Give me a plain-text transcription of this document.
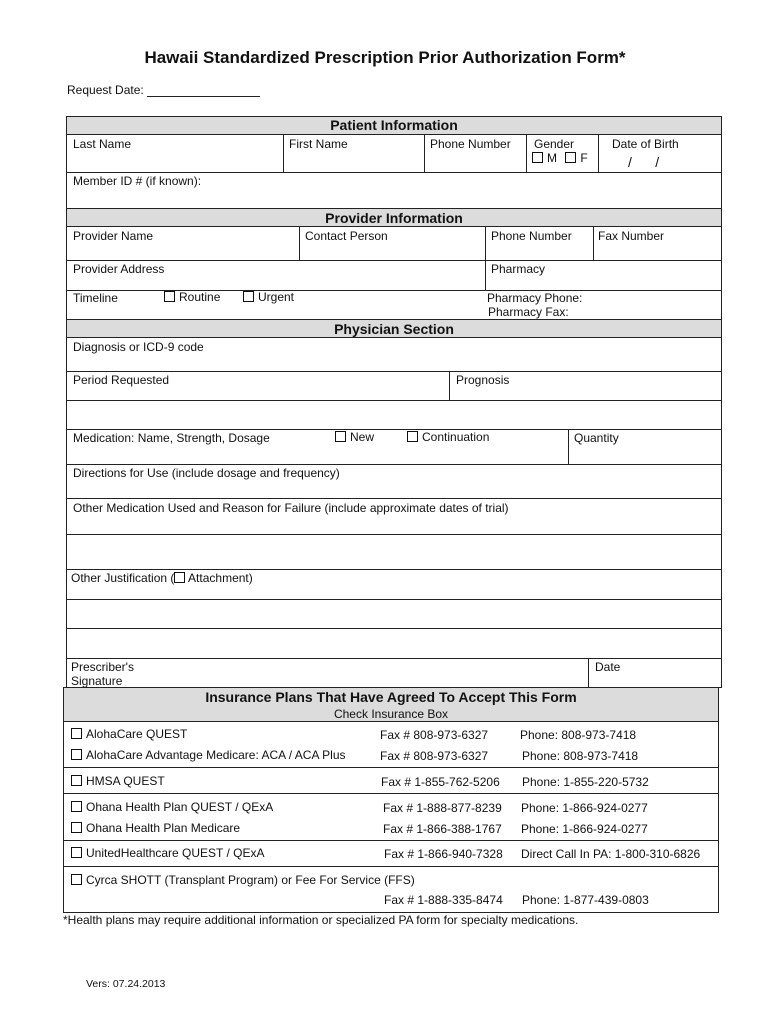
Hawaii Standardized Prescription Prior Authorization Form*
Request Date:
Patient Information
Last Name	First Name	Phone Number Gender
M F
Date of Birth
/      /
Member ID # (if known):
Provider Information
Provider Name	Contact Person	Phone Number Fax Number
Provider Address	Pharmacy
Timeline	Routine	Urgent	Pharmacy Phone:
Pharmacy Fax:
Physician Section
Diagnosis or ICD-9 code
Period Requested	Prognosis
Medication: Name, Strength, Dosage	New	Continuation	Quantity
Directions for Use (include dosage and frequency)
Other Medication Used and Reason for Failure (include approximate dates of trial)
Other Justification ( Attachment)
Prescriber's Signature
Date
Insurance Plans That Have Agreed To Accept This Form
Check Insurance Box
AlohaCare QUEST	Fax # 808-973-6327	Phone: 808-973-7418
AlohaCare Advantage Medicare: ACA / ACA Plus	Fax # 808-973-6327	Phone: 808-973-7418
HMSA QUEST	Fax # 1-855-762-5206 Phone: 1-855-220-5732
Ohana Health Plan QUEST / QExA	Fax # 1-888-877-8239 Phone: 1-866-924-0277
Ohana Health Plan Medicare	Fax # 1-866-388-1767 Phone: 1-866-924-0277
UnitedHealthcare QUEST / QExA	Fax # 1-866-940-7328 Direct Call In PA: 1-800-310-6826
Cyrca SHOTT (Transplant Program) or Fee For Service (FFS)
Fax # 1-888-335-8474 Phone: 1-877-439-0803
*Health plans may require additional information or specialized PA form for specialty medications.
Vers: 07.24.2013
